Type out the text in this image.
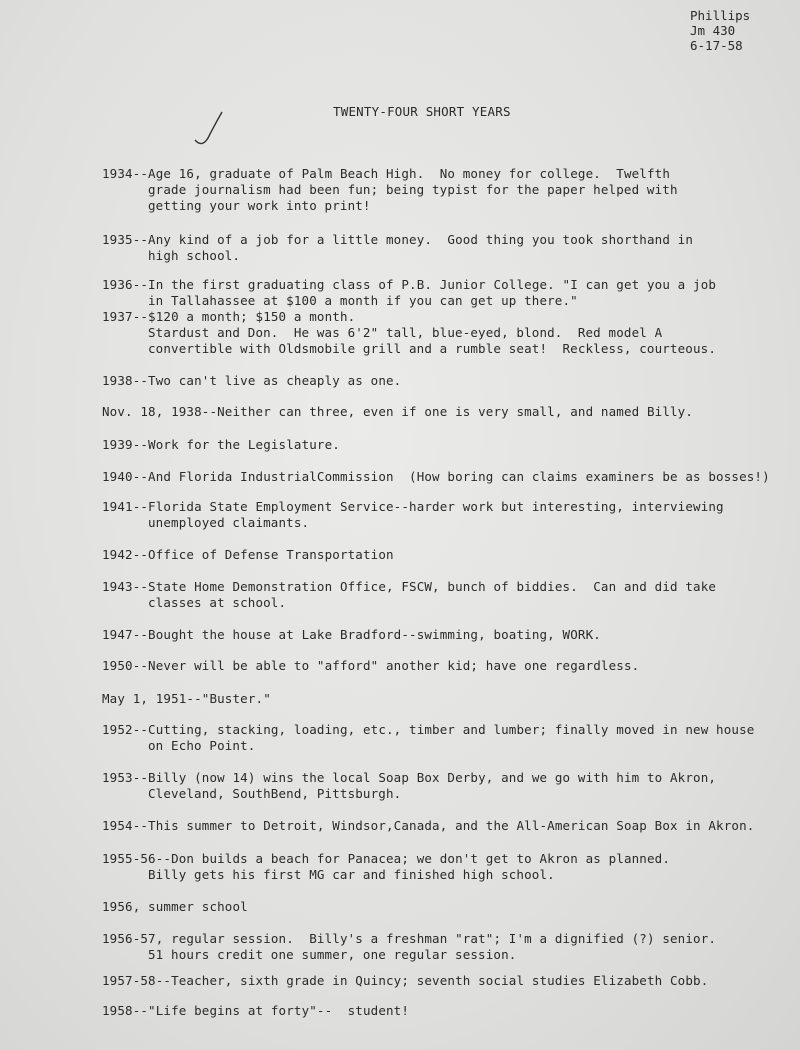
Phillips
Jm 430
6-17-58
TWENTY-FOUR SHORT YEARS
1934--Age 16, graduate of Palm Beach High.  No money for college.  Twelfth
grade journalism had been fun; being typist for the paper helped with
getting your work into print!
1935--Any kind of a job for a little money.  Good thing you took shorthand in
high school.
1936--In the first graduating class of P.B. Junior College. "I can get you a job
in Tallahassee at $100 a month if you can get up there."
1937--$120 a month; $150 a month.
Stardust and Don.  He was 6'2" tall, blue-eyed, blond.  Red model A
convertible with Oldsmobile grill and a rumble seat!  Reckless, courteous.
1938--Two can't live as cheaply as one.
Nov. 18, 1938--Neither can three, even if one is very small, and named Billy.
1939--Work for the Legislature.
1940--And Florida IndustrialCommission  (How boring can claims examiners be as bosses!)
1941--Florida State Employment Service--harder work but interesting, interviewing
unemployed claimants.
1942--Office of Defense Transportation
1943--State Home Demonstration Office, FSCW, bunch of biddies.  Can and did take
classes at school.
1947--Bought the house at Lake Bradford--swimming, boating, WORK.
1950--Never will be able to "afford" another kid; have one regardless.
May 1, 1951--"Buster."
1952--Cutting, stacking, loading, etc., timber and lumber; finally moved in new house
on Echo Point.
1953--Billy (now 14) wins the local Soap Box Derby, and we go with him to Akron,
Cleveland, SouthBend, Pittsburgh.
1954--This summer to Detroit, Windsor,Canada, and the All-American Soap Box in Akron.
1955-56--Don builds a beach for Panacea; we don't get to Akron as planned.
Billy gets his first MG car and finished high school.
1956, summer school
1956-57, regular session.  Billy's a freshman "rat"; I'm a dignified (?) senior.
51 hours credit one summer, one regular session.
1957-58--Teacher, sixth grade in Quincy; seventh social studies Elizabeth Cobb.
1958--"Life begins at forty"--  student!
